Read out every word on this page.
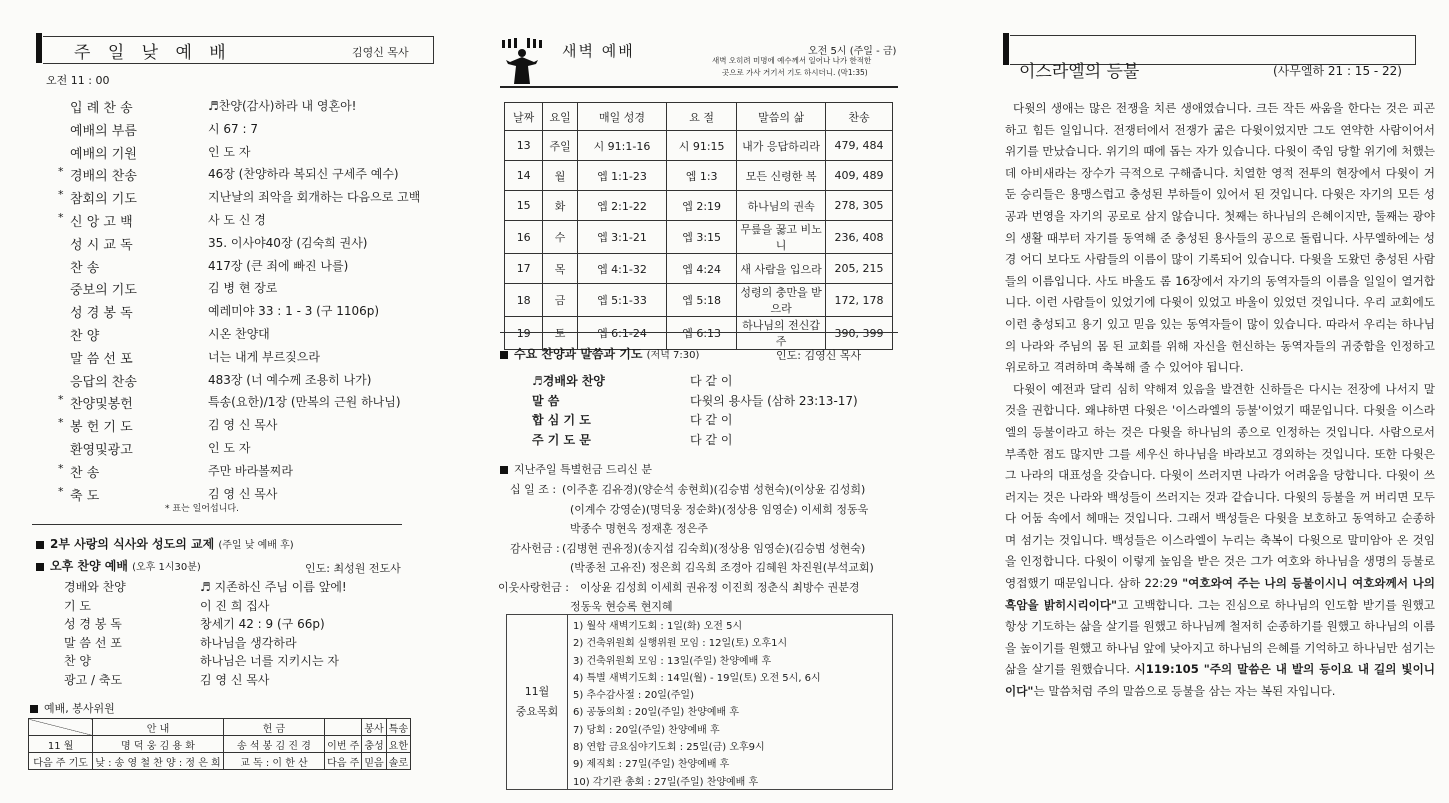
주 일 낮 예 배	김영신 목사
오전 11 : 00
입 례 찬 송	♬찬양(감사)하라 내 영혼아!
예배의 부름	시 67 : 7
예배의 기원	인 도 자
* 경배의 찬송	46장 (찬양하라 복되신 구세주 예수)
* 참회의 기도	지난날의 죄악을 회개하는 다음으로 고백
* 신 앙 고 백	사 도 신 경
성 시 교 독	35. 이사야40장 (김숙희 권사)
찬 송	417장 (큰 죄에 빠진 나를)
중보의 기도	김 병 현 장로
성 경 봉 독	예레미야 33 : 1 - 3 (구 1106p)
찬 양	시온 찬양대
말 씀 선 포	너는 내게 부르짖으라
응답의 찬송	483장 (너 예수께 조용히 나가)
* 찬양및봉헌	특송(요한)/1장 (만복의 근원 하나님)
* 봉 헌 기 도	김 영 신 목사
환영및광고	인 도 자
* 찬 송	주만 바라볼찌라
* 축 도	김 영 신 목사
* 표는 일어섭니다.
2부 사랑의 식사와 성도의 교제 (주일 낮 예배 후)
오후 찬양 예배 (오후 1시30분)	인도: 최성원 전도사
경배와 찬양	♬ 지존하신 주님 이름 앞에!
기 도	이 진 희 집사
성 경 봉 독	창세기 42 : 9 (구 66p)
말 씀 선 포	하나님을 생각하라
찬 양	하나님은 너를 지키시는 자
광고 / 축도	김 영 신 목사
예배, 봉사위원
	안 내	헌 금		봉사	특송
11 월	명 덕 웅 김 용 화	송 석 봉 김 진 경	이번 주	충성	요한
다음 주 기도	낮 : 송 영 철 찬 양 : 정 은 희	교 독 : 이 한 산	다음 주	믿음	솔로
새벽 예배	오전 5시 (주일 - 금)
새벽 오히려 미명에 예수께서 일어나 나가 한적한
곳으로 가사 거기서 기도 하시더니. (막1:35)
날짜	요일	매일 성경	요 절	말씀의 삶	찬송
13	주일	시 91:1-16	시 91:15	내가 응답하리라	479, 484
14	월	엡 1:1-23	엡 1:3	모든 신령한 복	409, 489
15	화	엡 2:1-22	엡 2:19	하나님의 권속	278, 305
16	수	엡 3:1-21	엡 3:15	무릎을 꿇고 비노니	236, 408
17	목	엡 4:1-32	엡 4:24	새 사람을 입으라	205, 215
18	금	엡 5:1-33	엡 5:18	성령의 충만을 받으라	172, 178
19	토	엡 6:1-24	엡 6:13	하나님의 전신갑주	390, 399
수요 찬양과 말씀과 기도 (저녁 7:30)	인도: 김영신 목사
♬경배와 찬양	다 같 이
말 씀	다윗의 용사들 (삼하 23:13-17)
합 심 기 도	다 같 이
주 기 도 문	다 같 이
지난주일 특별헌금 드리신 분
십 일 조 : (이주훈 김유경)(양순석 송현희)(김승범 성현숙)(이상윤 김성희)
(이계수 강영순)(명덕웅 정순화)(정상용 임영순) 이세희 정동욱
박종수 명현옥 정재훈 정은주
감사헌금 : (김병현 권유정)(송지섭 김숙희)(정상용 임영순)(김승범 성현숙)
(박종천 고유진) 정은희 김옥희 조경아 김혜원 차진원(부석교회)
이웃사랑헌금 : 이상윤 김성희 이세희 권유정 이진희 정춘식 최방수 권분경
정동욱 현승록 현지혜
11월
중요목회
1) 월삭 새벽기도회 : 1일(화) 오전 5시
2) 건축위원회 실행위원 모임 : 12일(토) 오후1시
3) 건축위원회 모임 : 13일(주일) 찬양예배 후
4) 특별 새벽기도회 : 14일(월) - 19일(토) 오전 5시, 6시
5) 추수감사절 : 20일(주일)
6) 공동의회 : 20일(주일) 찬양예배 후
7) 당회 : 20일(주일) 찬양예배 후
8) 연합 금요심야기도회 : 25일(금) 오후9시
9) 제직회 : 27일(주일) 찬양예배 후
10) 각기관 총회 : 27일(주일) 찬양예배 후
이스라엘의 등불	(사무엘하 21 : 15 - 22)

다윗의 생애는 많은 전쟁을 치른 생애였습니다. 크든 작든 싸움을 한다는 것은 피곤하고 힘든 일입니다. 전쟁터에서 전쟁가 굶은 다윗이었지만 그도 연약한 사람이어서 위기를 만났습니다. 위기의 때에 돕는 자가 있습니다. 다윗이 죽임 당할 위기에 처했는데 아비새라는 장수가 극적으로 구해줍니다. 치열한 영적 전투의 현장에서 다윗이 거둔 승리들은 용맹스럽고 충성된 부하들이 있어서 된 것입니다. 다윗은 자기의 모든 성공과 번영을 자기의 공로로 삼지 않습니다. 첫째는 하나님의 은혜이지만, 둘째는 광야의 생활 때부터 자기를 동역해 준 충성된 용사들의 공으로 돌립니다. 사무엘하에는 성경 어디 보다도 사람들의 이름이 많이 기록되어 있습니다. 다윗을 도왔던 충성된 사람들의 이름입니다. 사도 바울도 롬 16장에서 자기의 동역자들의 이름을 일일이 열거합니다. 이런 사람들이 있었기에 다윗이 있었고 바울이 있었던 것입니다. 우리 교회에도 이런 충성되고 용기 있고 믿음 있는 동역자들이 많이 있습니다. 따라서 우리는 하나님의 나라와 주님의 몸 된 교회를 위해 자신을 헌신하는 동역자들의 귀중함을 인정하고 위로하고 격려하며 축복해 줄 수 있어야 됩니다.

다윗이 예전과 달리 심히 약해져 있음을 발견한 신하들은 다시는 전장에 나서지 말 것을 권합니다. 왜냐하면 다윗은 '이스라엘의 등불'이었기 때문입니다. 다윗을 이스라엘의 등불이라고 하는 것은 다윗을 하나님의 종으로 인정하는 것입니다. 사람으로서 부족한 점도 많지만 그를 세우신 하나님을 바라보고 경외하는 것입니다. 또한 다윗은 그 나라의 대표성을 갖습니다. 다윗이 쓰러지면 나라가 어려움을 당합니다. 다윗이 쓰러지는 것은 나라와 백성들이 쓰러지는 것과 같습니다. 다윗의 등불을 꺼 버리면 모두 다 어둠 속에서 헤매는 것입니다. 그래서 백성들은 다윗을 보호하고 동역하고 순종하며 섬기는 것입니다. 백성들은 이스라엘이 누리는 축복이 다윗으로 말미암아 온 것임을 인정합니다. 다윗이 이렇게 높임을 받은 것은 그가 여호와 하나님을 생명의 등불로 영접했기 때문입니다. 삼하 22:29 "여호와여 주는 나의 등불이시니 여호와께서 나의 흑암을 밝히시리이다"고 고백합니다. 그는 진심으로 하나님의 인도함 받기를 원했고 항상 기도하는 삶을 살기를 원했고 하나님께 철저히 순종하기를 원했고 하나님의 이름을 높이기를 원했고 하나님 앞에 낮아지고 하나님의 은혜를 기억하고 하나님만 섬기는 삶을 살기를 원했습니다. 시119:105 "주의 말씀은 내 발의 등이요 내 길의 빛이니이다"는 말씀처럼 주의 말씀으로 등불을 삼는 자는 복된 자입니다.
